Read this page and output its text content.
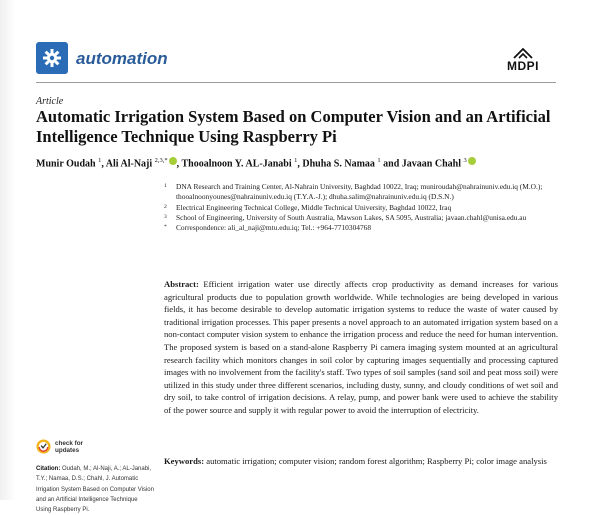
automation	MDPI
Article
Automatic Irrigation System Based on Computer Vision and an Artificial Intelligence Technique Using Raspberry Pi
Munir Oudah $^1$, Ali Al-Naji $^{2,3,*}$ , Thooalnoon Y. AL-Janabi $^1$, Dhuha S. Namaa $^1$ and Javaan Chahl $^3$
1 DNA Research and Training Center, Al-Nahrain University, Baghdad 10022, Iraq; muniroudah@nahrainuniv.edu.iq (M.O.); thooalnoonyounes@nahrainuniv.edu.iq (T.Y.A.-J.); dhuha.salim@nahrainuniv.edu.iq (D.S.N.)
2 Electrical Engineering Technical College, Middle Technical University, Baghdad 10022, Iraq
3 School of Engineering, University of South Australia, Mawson Lakes, SA 5095, Australia; javaan.chahl@unisa.edu.au
* Correspondence: ali_al_naji@mtu.edu.iq; Tel.: +964-7710304768

Abstract: Efficient irrigation water use directly affects crop productivity as demand increases for various agricultural products due to population growth worldwide. While technologies are being developed in various fields, it has become desirable to develop automatic irrigation systems to reduce the waste of water caused by traditional irrigation processes. This paper presents a novel approach to an automated irrigation system based on a non-contact computer vision system to enhance the irrigation process and reduce the need for human intervention. The proposed system is based on a stand-alone Raspberry Pi camera imaging system mounted at an agricultural research facility which monitors changes in soil color by capturing images sequentially and processing captured images with no involvement from the facility's staff. Two types of soil samples (sand soil and peat moss soil) were utilized in this study under three different scenarios, including dusty, sunny, and cloudy conditions of wet soil and dry soil, to take control of irrigation decisions. A relay, pump, and power bank were used to achieve the stability of the power source and supply it with regular power to avoid the interruption of electricity.

Keywords: automatic irrigation; computer vision; random forest algorithm; Raspberry Pi; color image analysis

check for
updates
Citation: Oudah, M.; Al-Naji, A.; AL-Janabi, T.Y.; Namaa, D.S.; Chahl, J. Automatic Irrigation System Based on Computer Vision and an Artificial Intelligence Technique Using Raspberry Pi.
